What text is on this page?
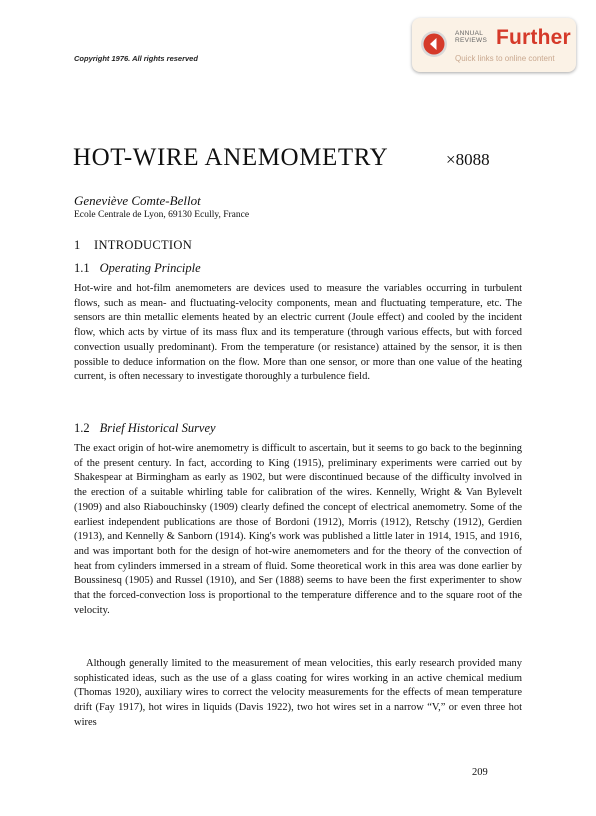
Copyright 1976. All rights reserved
ANNUAL
REVIEWS Further
Quick links to online content
HOT-WIRE ANEMOMETRY	×8088
Geneviève Comte-Bellot
Ecole Centrale de Lyon, 69130 Ecully, France
1 INTRODUCTION
1.1 Operating Principle

Hot-wire and hot-film anemometers are devices used to measure the variables occurring in turbulent flows, such as mean- and fluctuating-velocity components, mean and fluctuating temperature, etc. The sensors are thin metallic elements heated by an electric current (Joule effect) and cooled by the incident flow, which acts by virtue of its mass flux and its temperature (through various effects, but with forced convection usually predominant). From the temperature (or resistance) attained by the sensor, it is then possible to deduce information on the flow. More than one sensor, or more than one value of the heating current, is often necessary to investigate thoroughly a turbulence field.

1.2 Brief Historical Survey

The exact origin of hot-wire anemometry is difficult to ascertain, but it seems to go back to the beginning of the present century. In fact, according to King (1915), preliminary experiments were carried out by Shakespear at Birmingham as early as 1902, but were discontinued because of the difficulty involved in the erection of a suitable whirling table for calibration of the wires. Kennelly, Wright & Van Bylevelt (1909) and also Riabouchinsky (1909) clearly defined the concept of electrical anemometry. Some of the earliest independent publications are those of Bordoni (1912), Morris (1912), Retschy (1912), Gerdien (1913), and Kennelly & Sanborn (1914). King's work was published a little later in 1914, 1915, and 1916, and was important both for the design of hot-wire anemometers and for the theory of the convection of heat from cylinders immersed in a stream of fluid. Some theoretical work in this area was done earlier by Boussinesq (1905) and Russel (1910), and Ser (1888) seems to have been the first experimenter to show that the forced-convection loss is proportional to the temperature difference and to the square root of the velocity.

Although generally limited to the measurement of mean velocities, this early research provided many sophisticated ideas, such as the use of a glass coating for wires working in an active chemical medium (Thomas 1920), auxiliary wires to correct the velocity measurements for the effects of mean temperature drift (Fay 1917), hot wires in liquids (Davis 1922), two hot wires set in a narrow “V,” or even three hot wires

209
